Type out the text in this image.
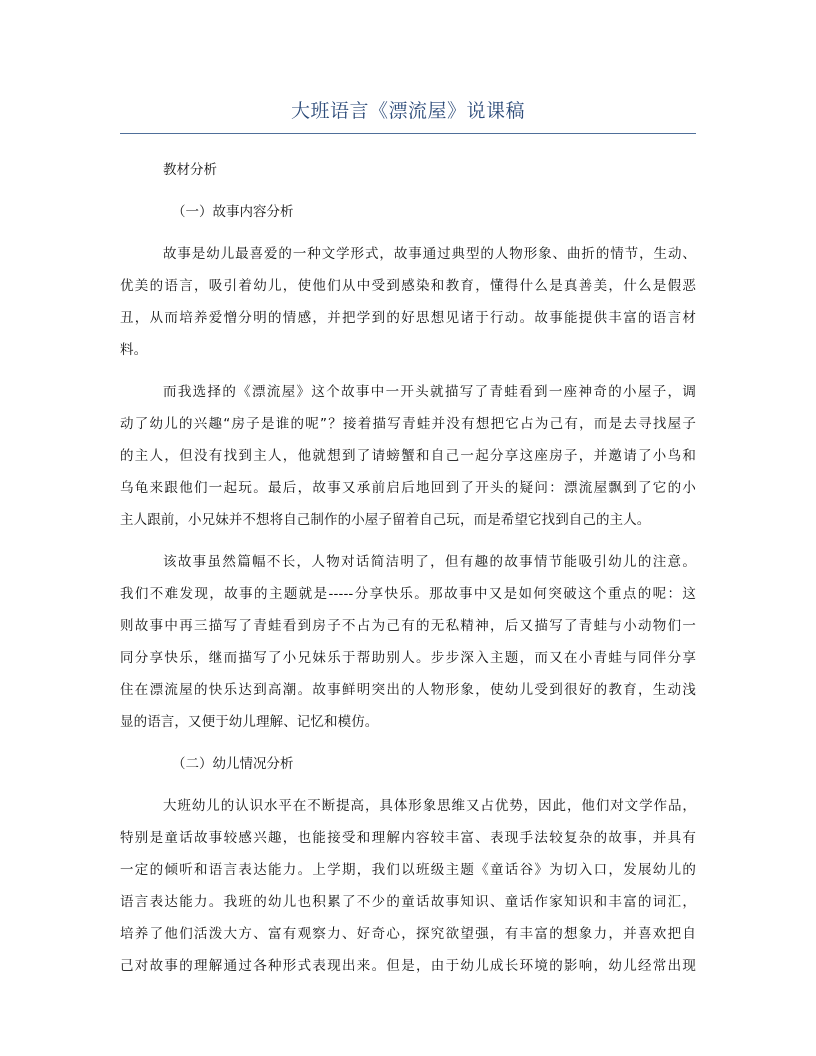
大班语言《漂流屋》说课稿
教材分析
（一）故事内容分析
故事是幼儿最喜爱的一种文学形式，故事通过典型的人物形象、曲折的情节，生动、
优美的语言，吸引着幼儿，使他们从中受到感染和教育，懂得什么是真善美，什么是假恶
丑，从而培养爱憎分明的情感，并把学到的好思想见诸于行动。故事能提供丰富的语言材
料。
而我选择的《漂流屋》这个故事中一开头就描写了青蛙看到一座神奇的小屋子，调
动了幼儿的兴趣“房子是谁的呢”？接着描写青蛙并没有想把它占为己有，而是去寻找屋子
的主人，但没有找到主人，他就想到了请螃蟹和自己一起分享这座房子，并邀请了小鸟和
乌龟来跟他们一起玩。最后，故事又承前启后地回到了开头的疑问：漂流屋飘到了它的小
主人跟前，小兄妹并不想将自己制作的小屋子留着自己玩，而是希望它找到自己的主人。
该故事虽然篇幅不长，人物对话简洁明了，但有趣的故事情节能吸引幼儿的注意。
我们不难发现，故事的主题就是-----分享快乐。那故事中又是如何突破这个重点的呢：这
则故事中再三描写了青蛙看到房子不占为己有的无私精神，后又描写了青蛙与小动物们一
同分享快乐，继而描写了小兄妹乐于帮助别人。步步深入主题，而又在小青蛙与同伴分享
住在漂流屋的快乐达到高潮。故事鲜明突出的人物形象，使幼儿受到很好的教育，生动浅
显的语言，又便于幼儿理解、记忆和模仿。
（二）幼儿情况分析
大班幼儿的认识水平在不断提高，具体形象思维又占优势，因此，他们对文学作品，
特别是童话故事较感兴趣，也能接受和理解内容较丰富、表现手法较复杂的故事，并具有
一定的倾听和语言表达能力。上学期，我们以班级主题《童话谷》为切入口，发展幼儿的
语言表达能力。我班的幼儿也积累了不少的童话故事知识、童话作家知识和丰富的词汇，
培养了他们活泼大方、富有观察力、好奇心，探究欲望强，有丰富的想象力，并喜欢把自
己对故事的理解通过各种形式表现出来。但是，由于幼儿成长环境的影响，幼儿经常出现
